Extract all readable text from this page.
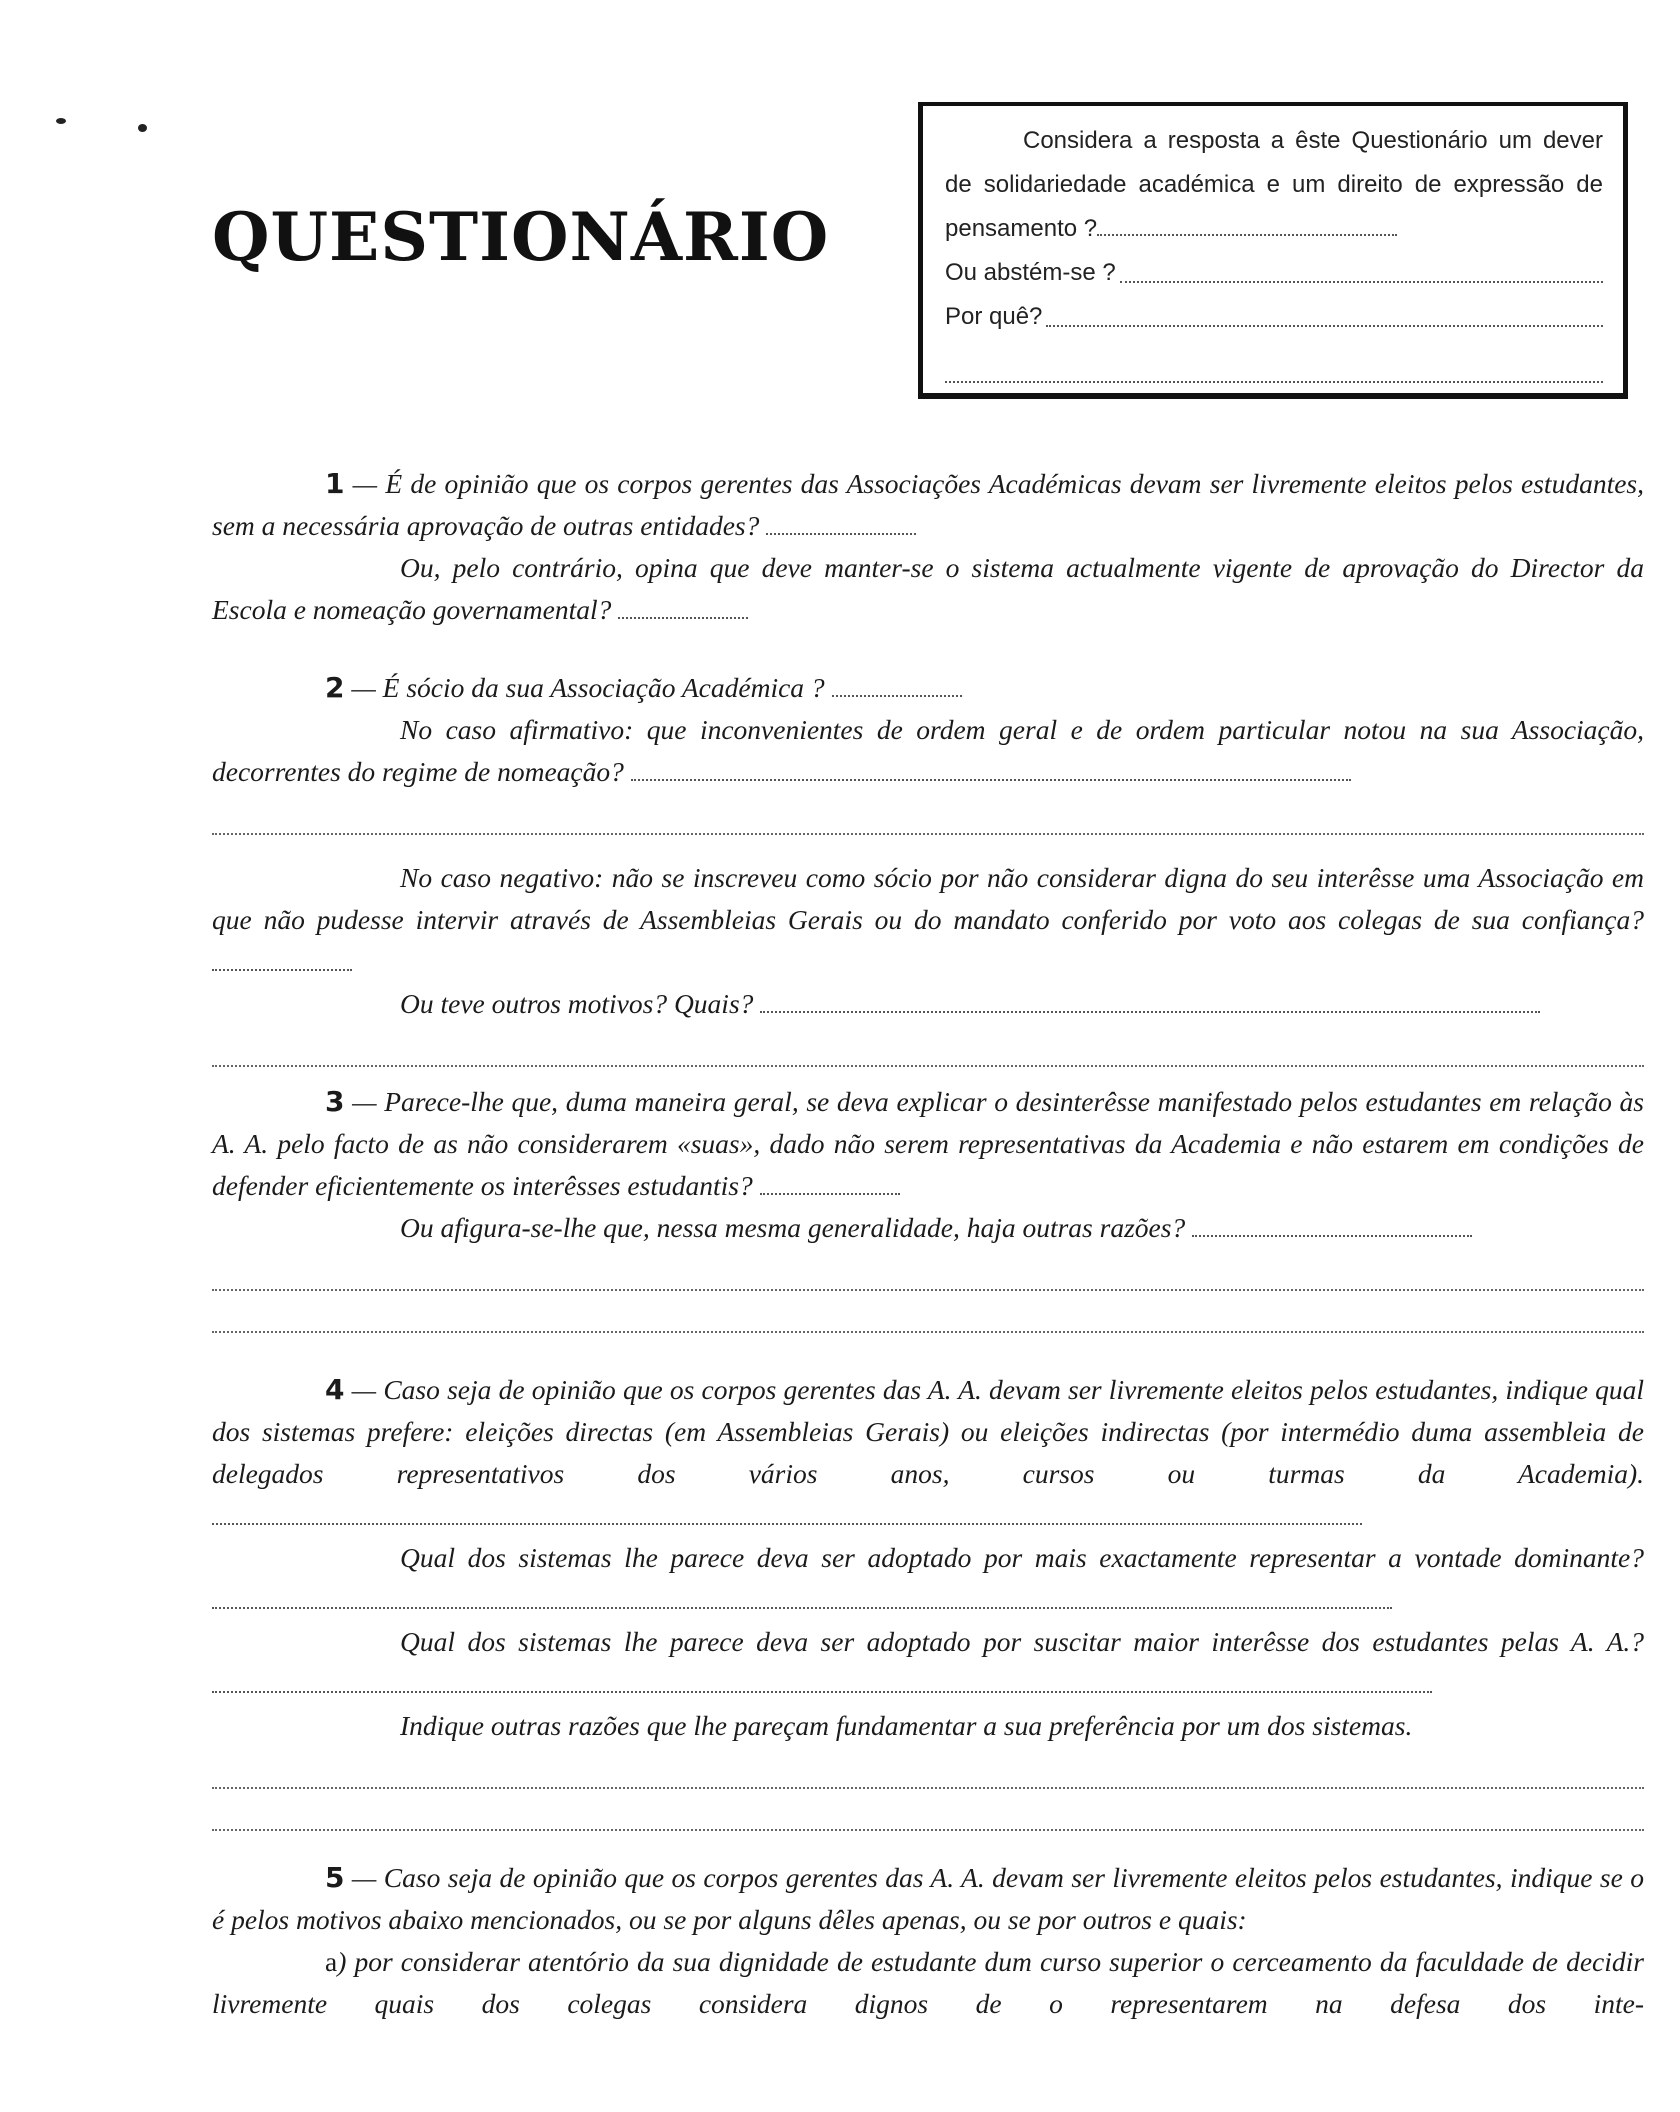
QUESTIONÁRIO
Considera a resposta a êste Questionário um dever de solidariedade académica e um direito de expressão de pensamento ?
Ou abstém-se ?
Por quê?

1 — É de opinião que os corpos gerentes das Associações Académicas devam ser livremente eleitos pelos estudantes, sem a necessária aprovação de outras entidades?

Ou, pelo contrário, opina que deve manter-se o sistema actualmente vigente de aprovação do Director da Escola e nomeação governamental?

2 — É sócio da sua Associação Académica ?

No caso afirmativo: que inconvenientes de ordem geral e de ordem particular notou na sua Associação, decorrentes do regime de nomeação?

No caso negativo: não se inscreveu como sócio por não considerar digna do seu interêsse uma Associação em que não pudesse intervir através de Assembleias Gerais ou do mandato conferido por voto aos colegas de sua confiança?

Ou teve outros motivos? Quais?

3 — Parece-lhe que, duma maneira geral, se deva explicar o desinterêsse manifestado pelos estudantes em relação às A. A. pelo facto de as não considerarem «suas», dado não serem representativas da Academia e não estarem em condições de defender eficientemente os interêsses estudantis?

Ou afigura-se-lhe que, nessa mesma generalidade, haja outras razões?

4 — Caso seja de opinião que os corpos gerentes das A. A. devam ser livremente eleitos pelos estudantes, indique qual dos sistemas prefere: eleições directas (em Assembleias Gerais) ou eleições indirectas (por intermédio duma assembleia de delegados representativos dos vários anos, cursos ou turmas da Academia).

Qual dos sistemas lhe parece deva ser adoptado por mais exactamente representar a vontade dominante?

Qual dos sistemas lhe parece deva ser adoptado por suscitar maior interêsse dos estudantes pelas A. A.?

Indique outras razões que lhe pareçam fundamentar a sua preferência por um dos sistemas.

5 — Caso seja de opinião que os corpos gerentes das A. A. devam ser livremente eleitos pelos estudantes, indique se o é pelos motivos abaixo mencionados, ou se por alguns dêles apenas, ou se por outros e quais:

a) por considerar atentório da sua dignidade de estudante dum curso superior o cerceamento da faculdade de decidir livremente quais dos colegas considera dignos de o representarem na defesa dos inte-
